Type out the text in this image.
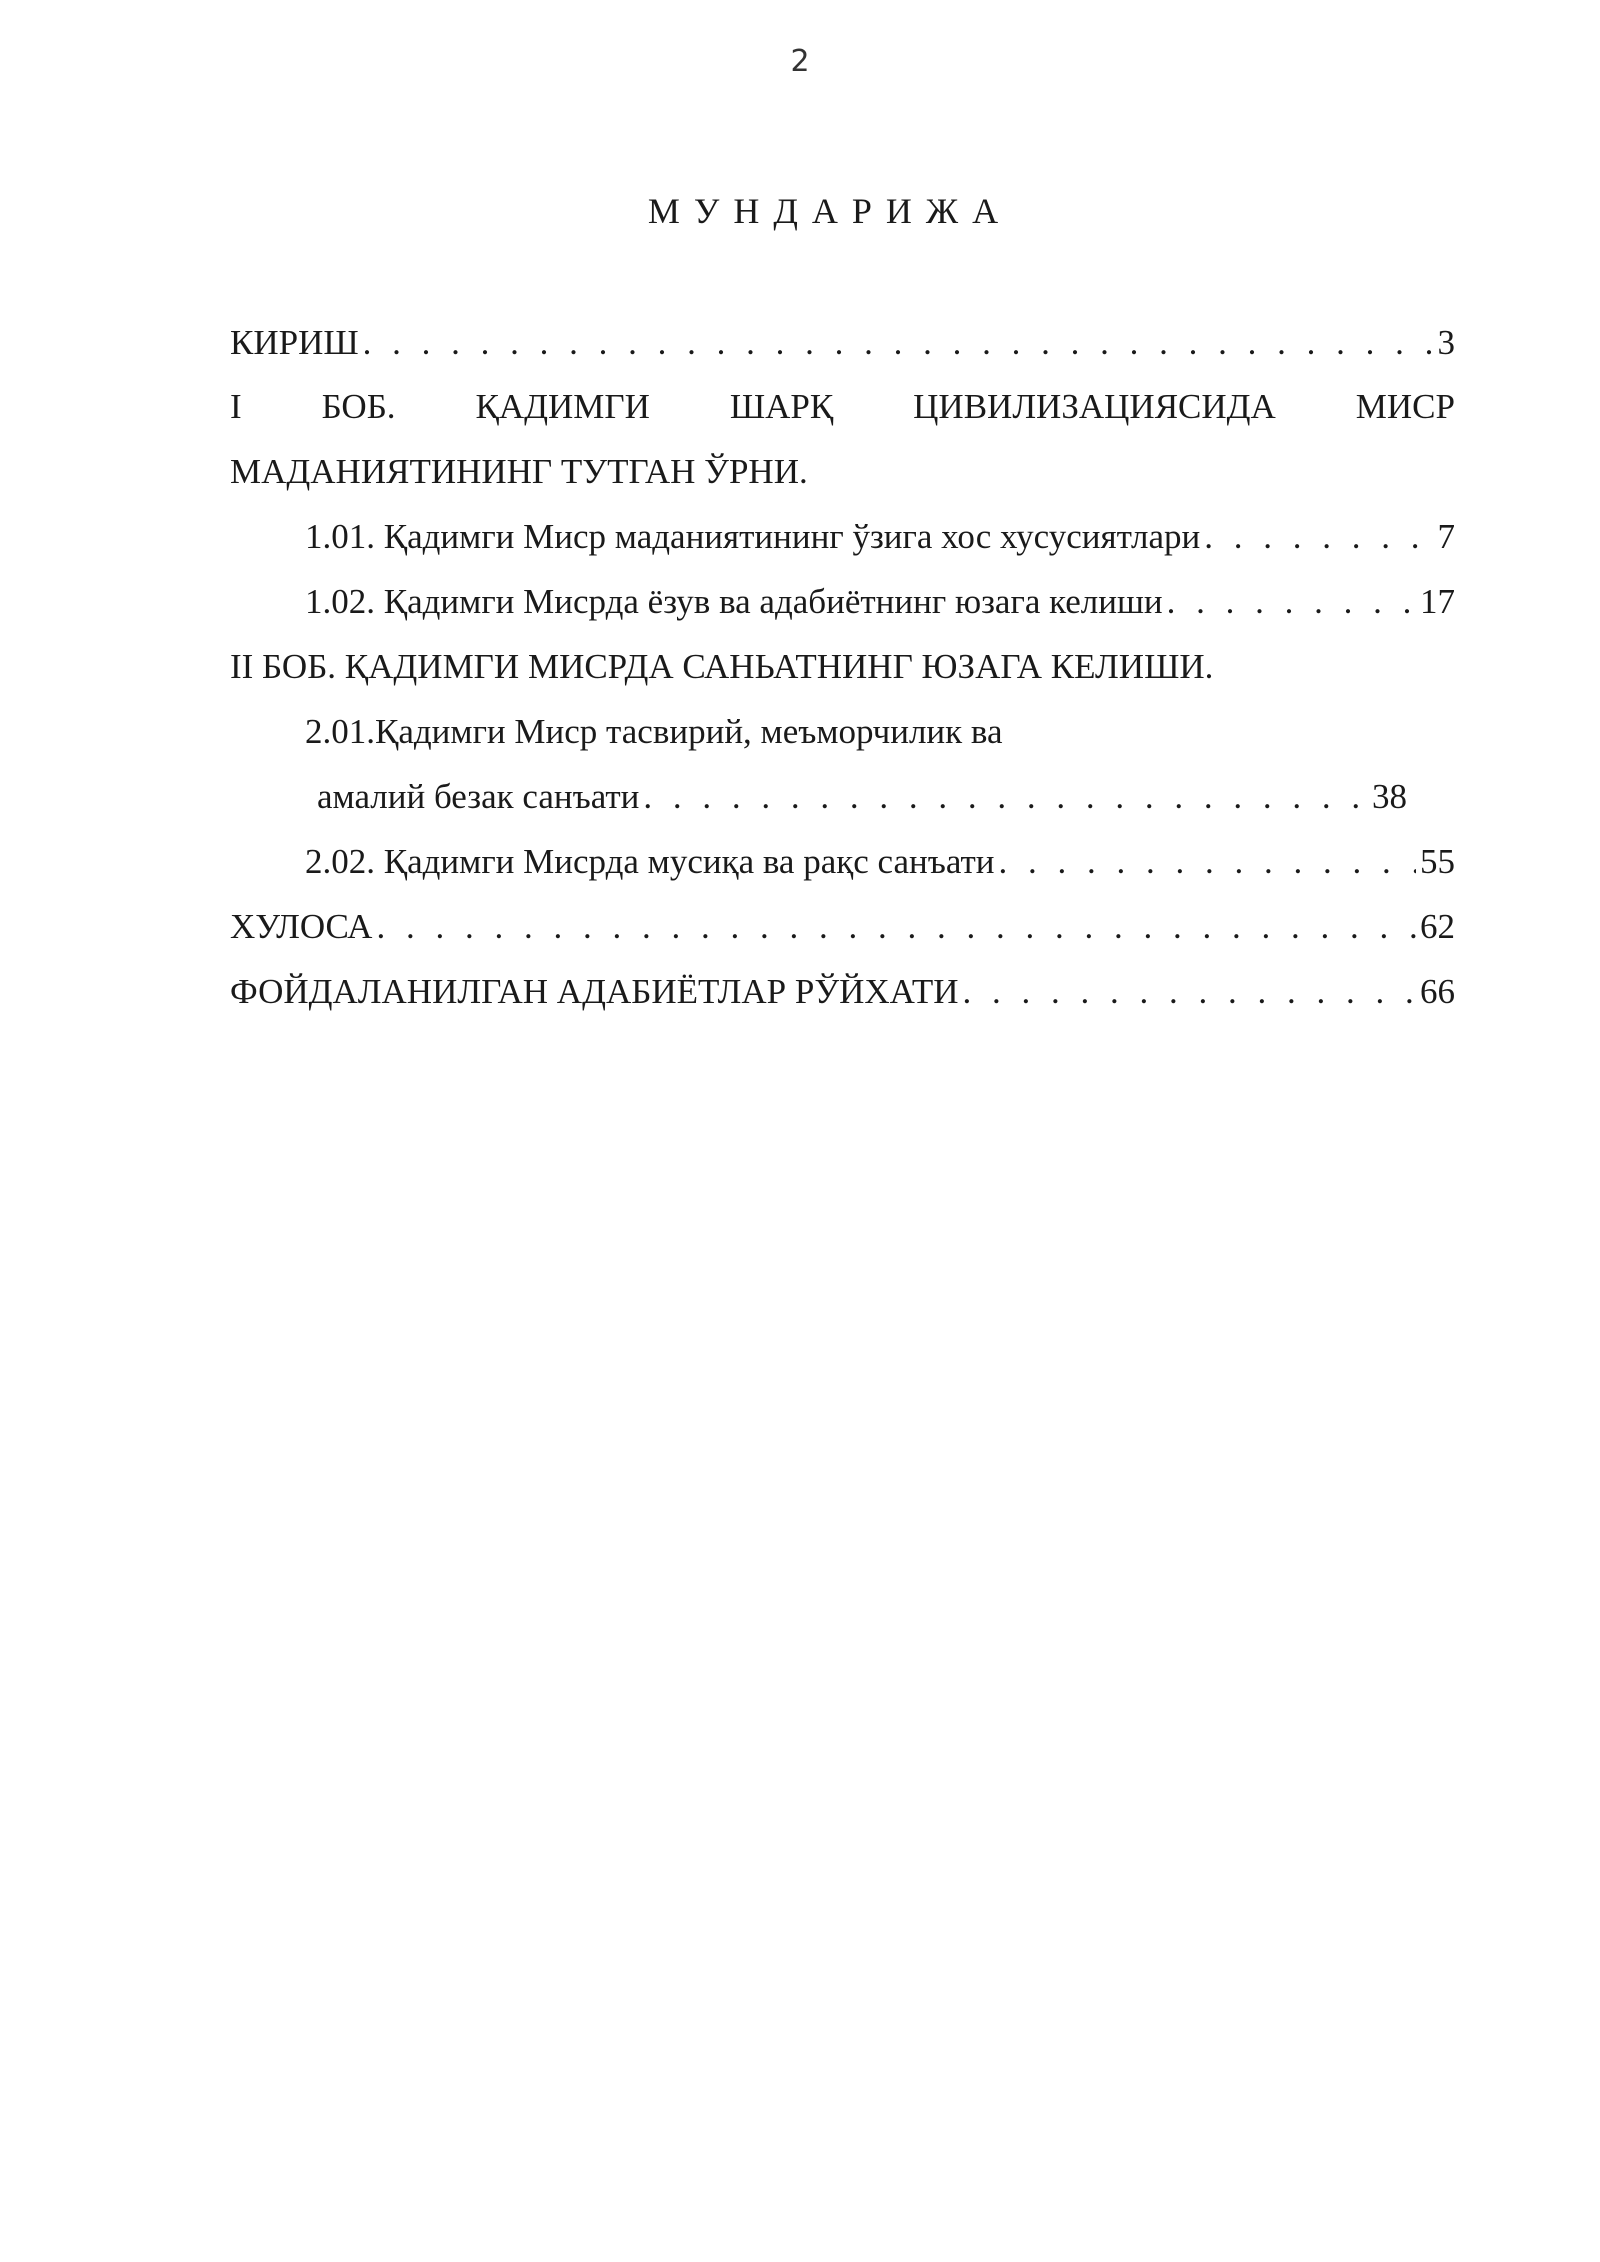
2
МУНДАРИЖА
КИРИШ . . .	3
I БОБ. ҚАДИМГИ ШАРҚ ЦИВИЛИЗАЦИЯСИДА МИСР
МАДАНИЯТИНИНГ ТУТГАН ЎРНИ.
1.01. Қадимги Миср маданиятининг ўзига хос хусусиятлари . . .	7
1.02. Қадимги Мисрда ёзув ва адабиётнинг юзага келиши . . .	17
II БОБ. ҚАДИМГИ МИСРДА САНЬАТНИНГ ЮЗАГА КЕЛИШИ.
2.01.Қадимги Миср тасвирий, меъморчилик ва
амалий безак санъати . . .	38
2.02. Қадимги Мисрда мусиқа ва рақс санъати . . .	55
ХУЛОСА . . .	62
ФОЙДАЛАНИЛГАН АДАБИЁТЛАР РЎЙХАТИ . . .	66
